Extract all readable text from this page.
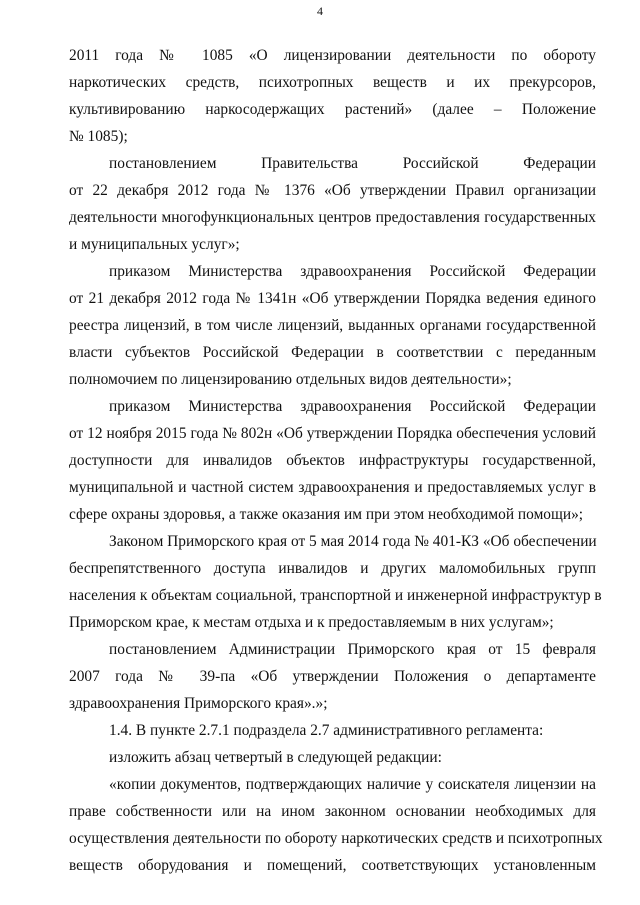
4
2011 года № 1085 «О лицензировании деятельности по обороту
наркотических средств, психотропных веществ и их прекурсоров,
культивированию наркосодержащих растений» (далее – Положение
№ 1085);
постановлением Правительства Российской Федерации
от 22 декабря 2012 года № 1376 «Об утверждении Правил организации
деятельности многофункциональных центров предоставления государственных
и муниципальных услуг»;
приказом Министерства здравоохранения Российской Федерации
от 21 декабря 2012 года № 1341н «Об утверждении Порядка ведения единого
реестра лицензий, в том числе лицензий, выданных органами государственной
власти субъектов Российской Федерации в соответствии с переданным
полномочием по лицензированию отдельных видов деятельности»;
приказом Министерства здравоохранения Российской Федерации
от 12 ноября 2015 года № 802н «Об утверждении Порядка обеспечения условий
доступности для инвалидов объектов инфраструктуры государственной,
муниципальной и частной систем здравоохранения и предоставляемых услуг в
сфере охраны здоровья, а также оказания им при этом необходимой помощи»;
Законом Приморского края от 5 мая 2014 года № 401-КЗ «Об обеспечении
беспрепятственного доступа инвалидов и других маломобильных групп
населения к объектам социальной, транспортной и инженерной инфраструктур в
Приморском крае, к местам отдыха и к предоставляемым в них услугам»;
постановлением Администрации Приморского края от 15 февраля
2007 года № 39-па «Об утверждении Положения о департаменте
здравоохранения Приморского края».»;
1.4. В пункте 2.7.1 подраздела 2.7 административного регламента:
изложить абзац четвертый в следующей редакции:
«копии документов, подтверждающих наличие у соискателя лицензии на
праве собственности или на ином законном основании необходимых для
осуществления деятельности по обороту наркотических средств и психотропных
веществ оборудования и помещений, соответствующих установленным
